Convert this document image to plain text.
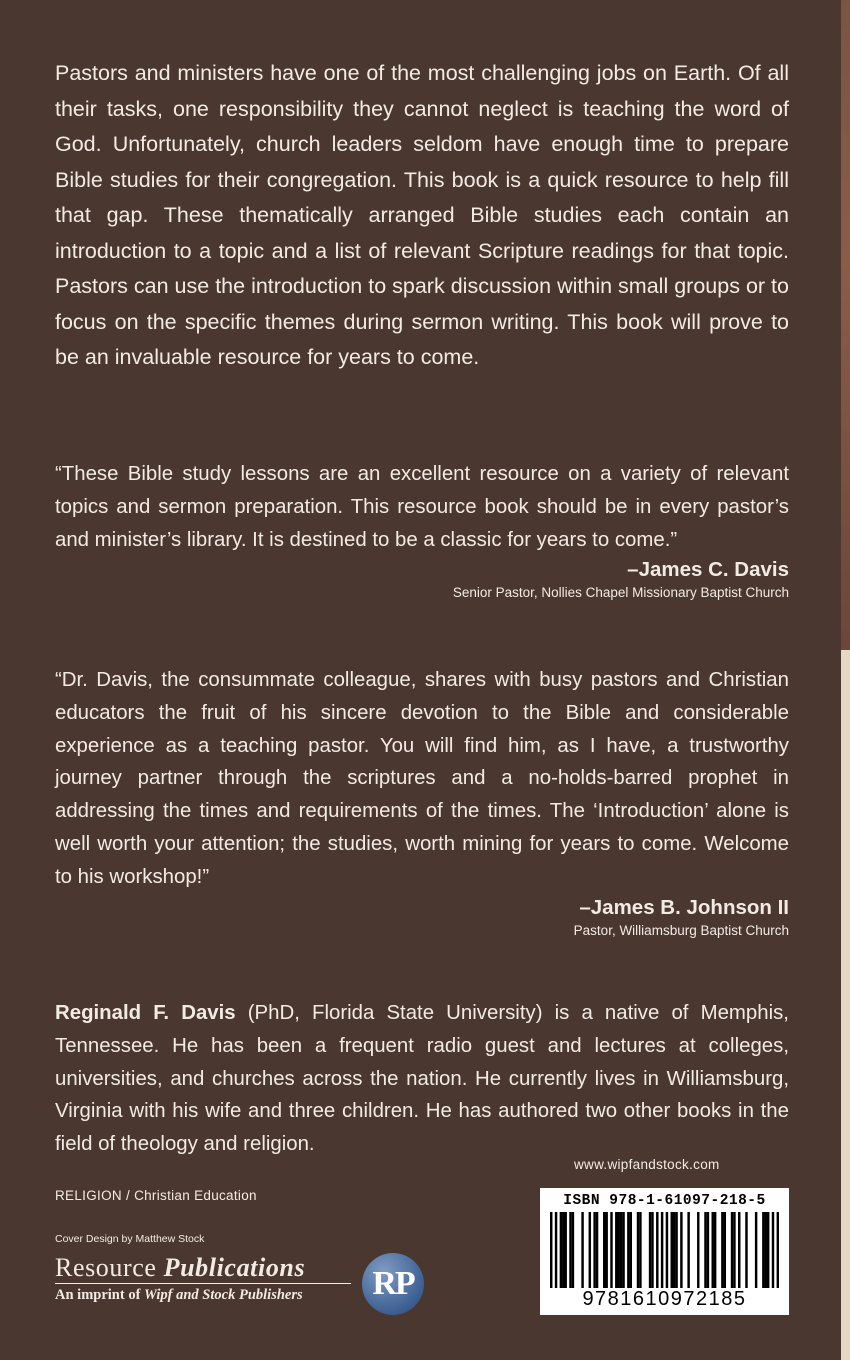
Pastors and ministers have one of the most challenging jobs on Earth. Of all their tasks, one responsibility they cannot neglect is teaching the word of God. Unfortunately, church leaders seldom have enough time to prepare Bible studies for their congregation. This book is a quick resource to help fill that gap. These thematically arranged Bible studies each contain an introduction to a topic and a list of relevant Scripture readings for that topic. Pastors can use the introduction to spark discussion within small groups or to focus on the specific themes during sermon writing. This book will prove to be an invaluable resource for years to come.
“These Bible study lessons are an excellent resource on a variety of relevant topics and sermon preparation. This resource book should be in every pastor’s and minister’s library. It is destined to be a classic for years to come.”
–James C. Davis
Senior Pastor, Nollies Chapel Missionary Baptist Church
“Dr. Davis, the consummate colleague, shares with busy pastors and Christian educators the fruit of his sincere devotion to the Bible and considerable experience as a teaching pastor. You will find him, as I have, a trustworthy journey partner through the scriptures and a no-holds-barred prophet in addressing the times and requirements of the times. The ‘Introduction’ alone is well worth your attention; the studies, worth mining for years to come. Welcome to his workshop!”
–James B. Johnson II
Pastor, Williamsburg Baptist Church
Reginald F. Davis (PhD, Florida State University) is a native of Memphis, Tennessee. He has been a frequent radio guest and lectures at colleges, universities, and churches across the nation. He currently lives in Williamsburg, Virginia with his wife and three children. He has authored two other books in the field of theology and religion.
www.wipfandstock.com
RELIGION / Christian Education
Cover Design by Matthew Stock
Resource Publications
An imprint of Wipf and Stock Publishers	RP
ISBN 978-1-61097-218-5
9781610972185
